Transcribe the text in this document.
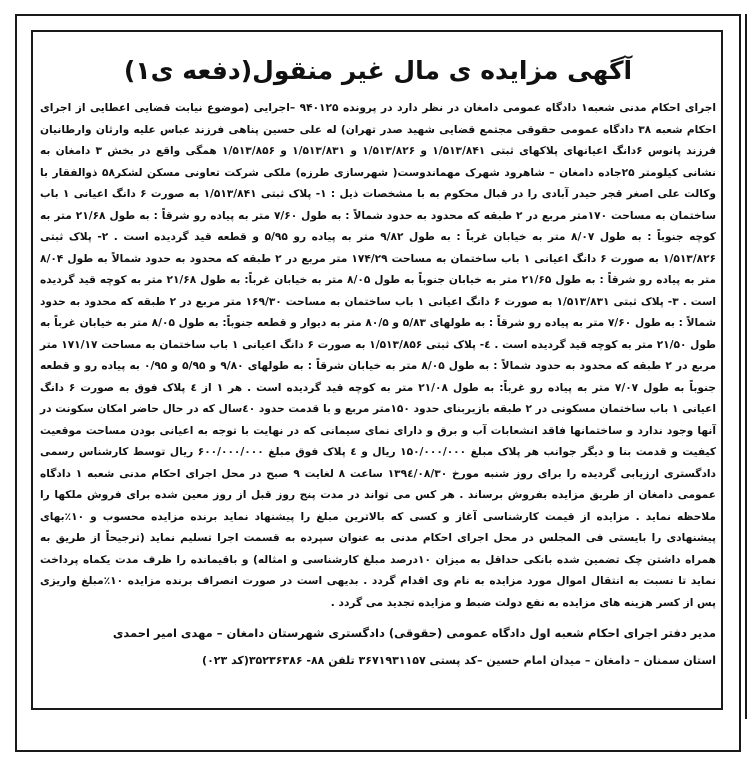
آگهی مزایده ی مال غیر منقول(دفعه ی۱)
اجرای احکام مدنی شعبه۱ دادگاه عمومی دامغان در نظر دارد در پرونده ۹۴۰۱۲۵ –اجرایی (موضوع نیابت قضایی اعطایی از اجرای احکام شعبه ۳۸ دادگاه عمومی حقوقی مجتمع قضایی شهید صدر تهران) له علی حسین پناهی فرزند عباس علیه وارثان وارطانیان فرزند پانوس ۶دانگ اعیانهای پلاکهای ثبتی ۱/۵۱۳/۸۴۱ و ۱/۵۱۳/۸۲۶ و ۱/۵۱۳/۸۳۱ و ۱/۵۱۳/۸۵۶ همگی واقع در بخش ۳ دامغان به نشانی کیلومتر ۲۵جاده دامغان – شاهرود شهرک مهماندوست( شهرسازی طرزه) ملکی شرکت تعاونی مسکن لشکر۵۸ ذوالفقار با وکالت علی اصغر قجر حیدر آبادی را در قبال محکوم به با مشخصات ذیل : ۱- پلاک ثبتی ۱/۵۱۳/۸۴۱ به صورت ۶ دانگ اعیانی ۱ باب ساختمان به مساحت ۱۷۰متر مربع در ۲ طبقه که محدود به حدود شمالاً : به طول ۷/۶۰ متر به پیاده رو شرقاً : به طول ۲۱/۶۸ متر به کوچه جنوباً : به طول ۸/۰۷ متر به خیابان غرباً : به طول ۹/۸۲ متر به پیاده رو ۵/۹۵ و قطعه قید گردیده است . ۲- پلاک ثبتی ۱/۵۱۳/۸۲۶ به صورت ۶ دانگ اعیانی ۱ باب ساختمان به مساحت ۱۷۴/۲۹ متر مربع در ۲ طبقه که محدود به حدود شمالاً به طول ۸/۰۴ متر به پیاده رو شرقاً : به طول ۲۱/۶۵ متر به خیابان جنوباً به طول ۸/۰۵ متر به خیابان غرباً: به طول ۲۱/۶۸ متر به کوچه قید گردیده است . ۳- پلاک ثبتی ۱/۵۱۳/۸۳۱ به صورت ۶ دانگ اعیانی ۱ باب ساختمان به مساحت ۱۶۹/۳۰ متر مربع در ۲ طبقه که محدود به حدود شمالاً : به طول ۷/۶۰ متر به پیاده رو شرقاً : به طولهای ۵/۸۳ و ۸۰/۵ متر به دیوار و قطعه جنوباً: به طول ۸/۰۵ متر به خیابان غرباً به طول ۲۱/۵۰ متر به کوچه قید گردیده است . ٤- پلاک ثبتی ۱/۵۱۳/۸۵۶ به صورت ۶ دانگ اعیانی ۱ باب ساختمان به مساحت ۱۷۱/۱۷ متر مربع در ۲ طبقه که محدود به حدود شمالاً : به طول ۸/۰۵ متر به خیابان شرقاً : به طولهای ۹/۸۰ و ۵/۹۵ و ۰/۹۵ به پیاده رو و قطعه جنوباً به طول ۷/۰۷ متر به پیاده رو غرباً: به طول ۲۱/۰۸ متر به کوچه قید گردیده است . هر ۱ از ٤ پلاک فوق به صورت ۶ دانگ اعیانی ۱ باب ساختمان مسکونی در ۲ طبقه بازیربنای حدود ۱۵۰متر مربع و با قدمت حدود ٤۰سال که در حال حاضر امکان سکونت در آنها وجود ندارد و ساختمانها فاقد انشعابات آب و برق و دارای نمای سیمانی که در نهایت با توجه به اعیانی بودن مساحت موقعیت کیفیت و قدمت بنا و دیگر جوانب هر پلاک مبلغ ۱۵۰/۰۰۰/۰۰۰ ریال و ٤ پلاک فوق مبلغ ۶۰۰/۰۰۰/۰۰۰ ریال توسط کارشناس رسمی دادگستری ارزیابی گردیده را برای روز شنبه مورخ ۱۳۹٤/۰۸/۳۰ ساعت ۸ لغایت ۹ صبح در محل اجرای احکام مدنی شعبه ۱ دادگاه عمومی دامغان از طریق مزایده بفروش برساند . هر کس می تواند در مدت پنج روز قبل از روز معین شده برای فروش ملکها را ملاحظه نماید . مزایده از قیمت کارشناسی آغاز و کسی که بالاترین مبلغ را پیشنهاد نماید برنده مزایده محسوب و ۱۰٪بهای پیشنهادی را بایستی فی المجلس در محل اجرای احکام مدنی به عنوان سپرده به قسمت اجرا تسلیم نماید (ترجیحاً از طریق به همراه داشتن چک تضمین شده بانکی حداقل به میزان ۱۰درصد مبلغ کارشناسی و امثاله) و باقیمانده را ظرف مدت یکماه پرداخت نماید تا نسبت به انتقال اموال مورد مزایده به نام وی اقدام گردد . بدیهی است در صورت انصراف برنده مزایده ۱۰٪مبلغ واریزی پس از کسر هزینه های مزایده به نفع دولت ضبط و مزایده تجدید می گردد .
مدیر دفتر اجرای احکام شعبه اول دادگاه عمومی (حقوقی) دادگستری شهرستان دامغان – مهدی امیر احمدی
استان سمنان – دامغان – میدان امام حسین –کد پستی ۳۶۷۱۹۳۱۱۵۷ تلفن ۸۸- ۳۵۲۳۶۳۸۶(کد ۰۲۳)
